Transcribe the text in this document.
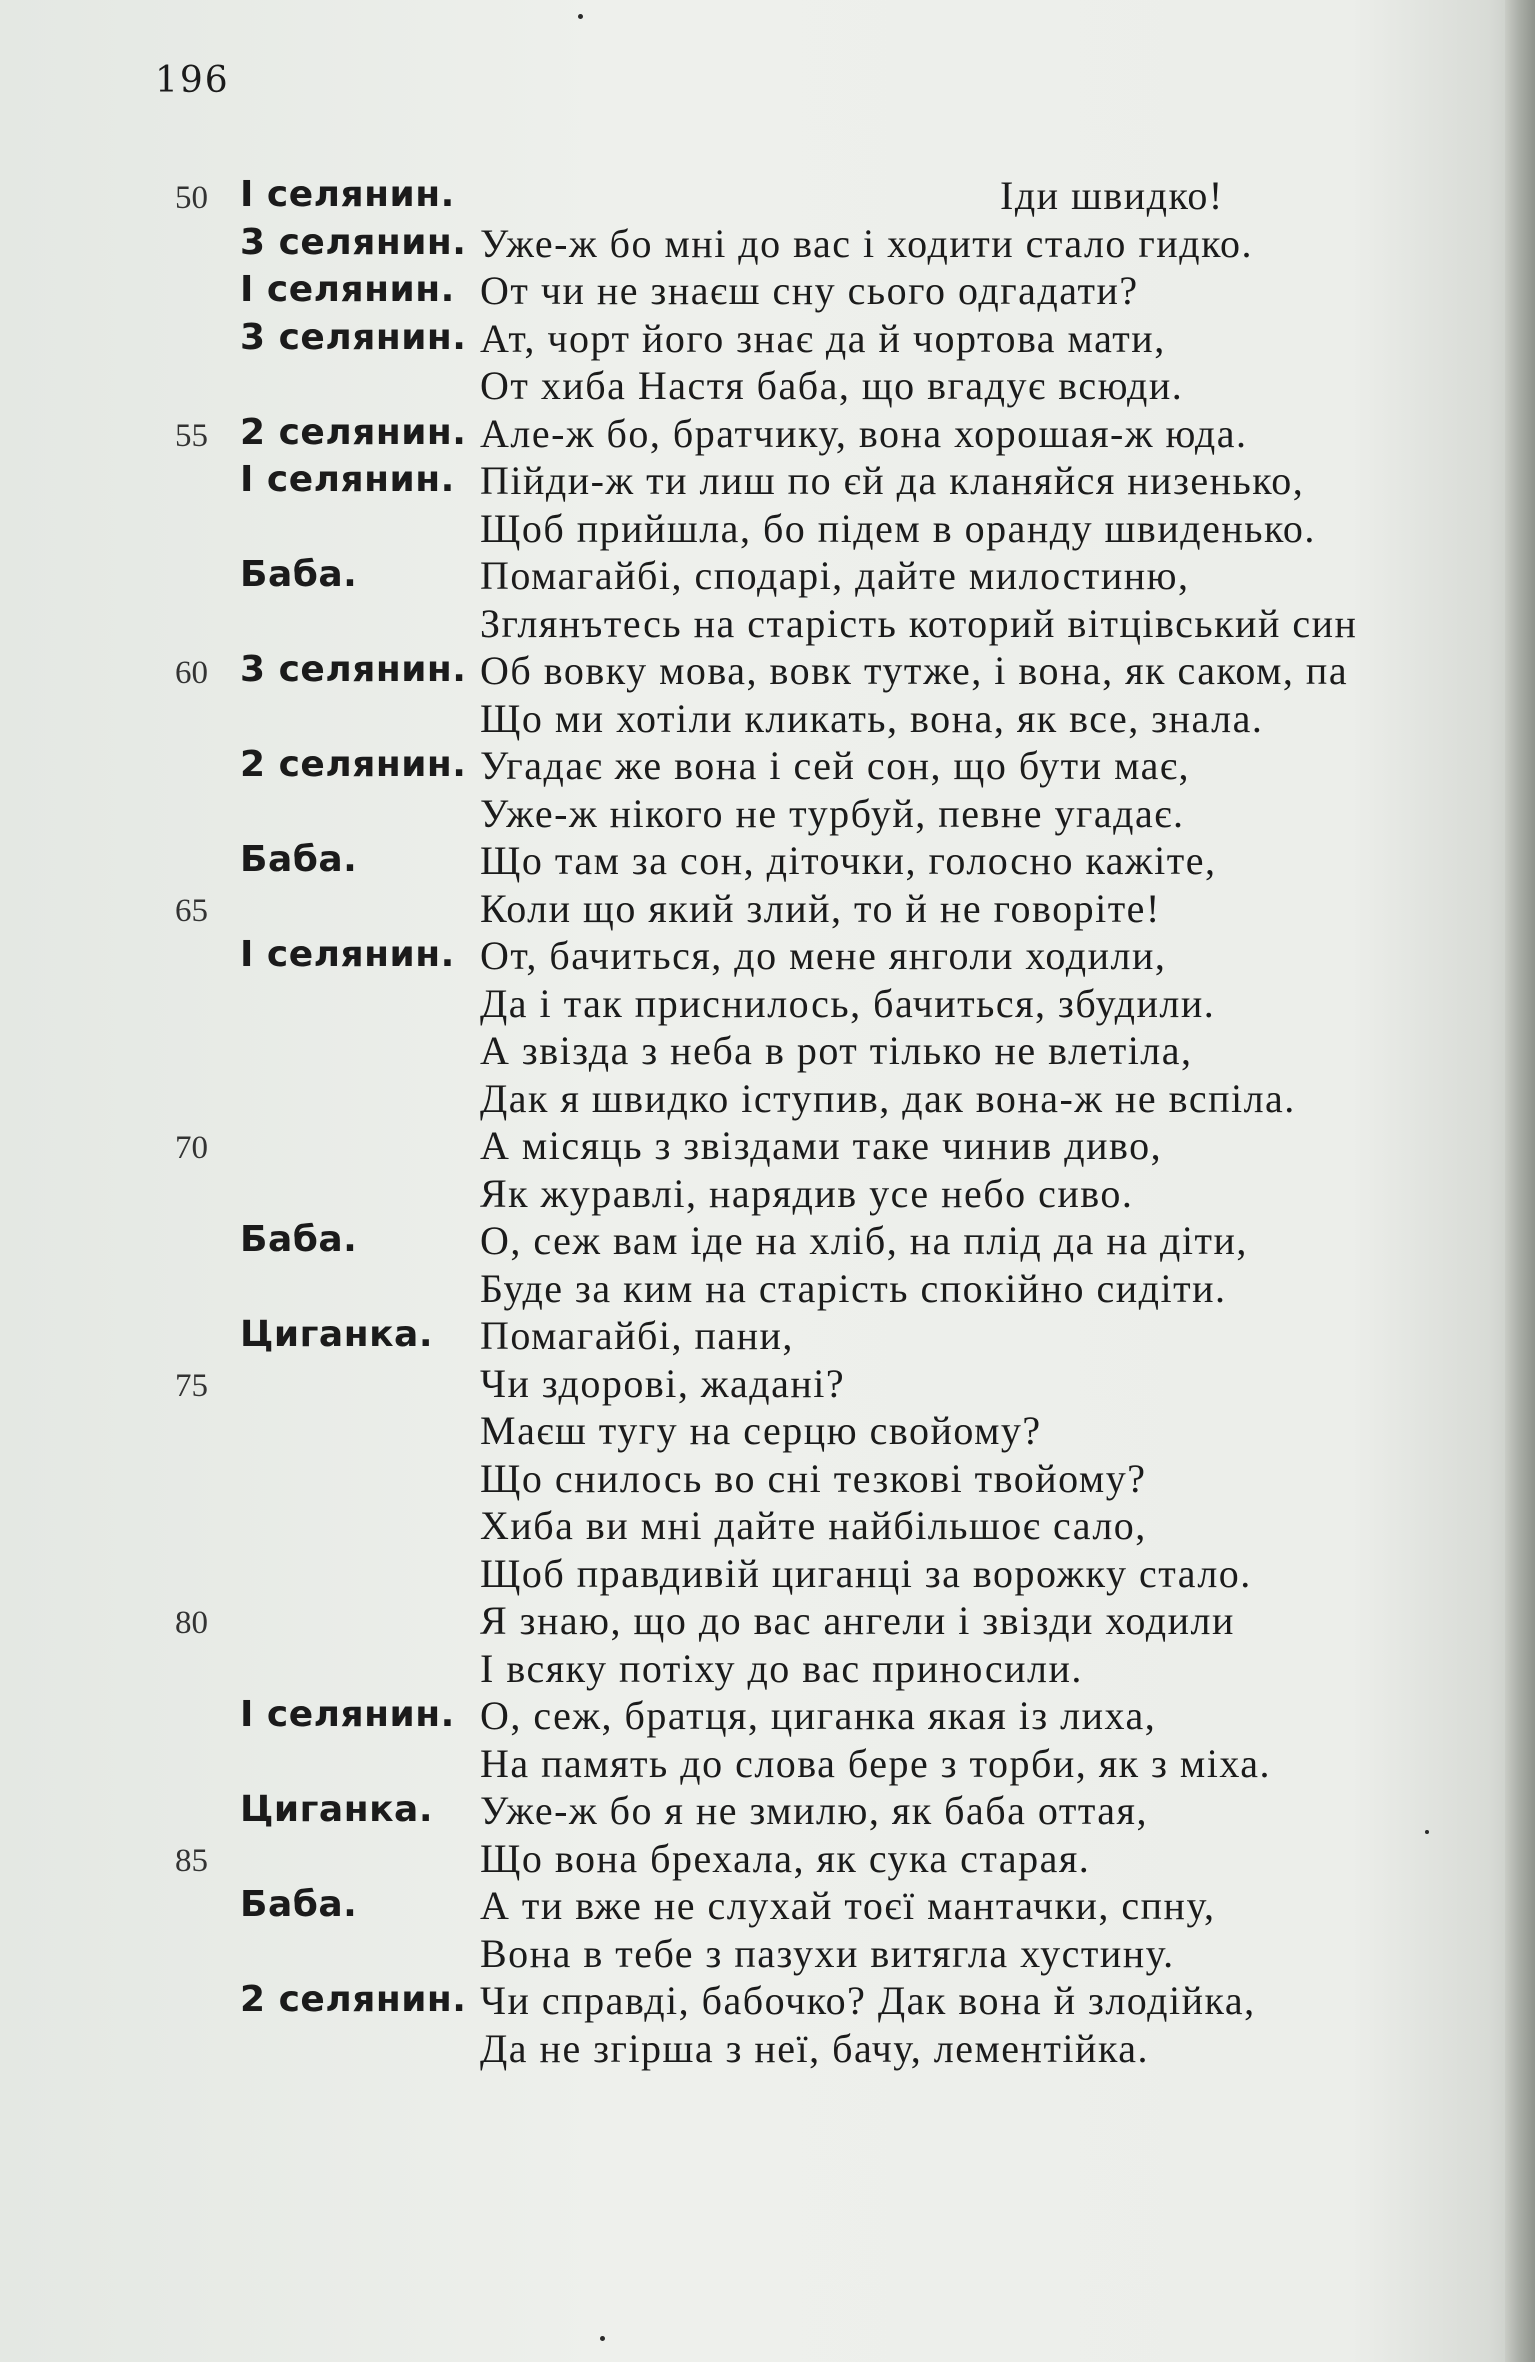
196
50 I селянин.	Іди швидко!
3 селянин. Уже-ж бо мні до вас і ходити стало гидко.
I селянин. От чи не знаєш сну сього одгадати?
3 селянин. Ат, чорт його знає да й чортова мати,
От хиба Настя баба, що вгадує всюди.
55 2 селянин. Але-ж бо, братчику, вона хорошая-ж юда.
I селянин. Пійди-ж ти лиш по єй да кланяйся низенько,
Щоб прийшла, бо підем в оранду швиденько.
Баба.	Помагайбі, сподарі, дайте милостиню,
Зглянътесь на старість которий вітцівський син
60 3 селянин. Об вовку мова, вовк тутже, і вона, як саком, па
Що ми хотіли кликать, вона, як все, знала.
2 селянин. Угадає же вона і сей сон, що бути має,
Уже-ж нікого не турбуй, певне угадає.
Баба.	Що там за сон, діточки, голосно кажіте,
65	Коли що який злий, то й не говоріте!
I селянин. От, бачиться, до мене янголи ходили,
Да і так приснилось, бачиться, збудили.
А звізда з неба в рот тілько не влетіла,
Дак я швидко іступив, дак вона-ж не вспіла.
70	А місяць з звіздами таке чинив диво,
Як журавлі, нарядив усе небо сиво.
Баба.	О, сеж вам іде на хліб, на плід да на діти,
Буде за ким на старість спокійно сидіти.
Циганка. Помагайбі, пани,
75	Чи здорові, жадані?
Маєш тугу на серцю свойому?
Що снилось во сні тезкові твойому?
Хиба ви мні дайте найбільшоє сало,
Щоб правдивій циганці за ворожку стало.
80	Я знаю, що до вас ангели і звізди ходили
І всяку потіху до вас приносили.
I селянин. О, сеж, братця, циганка якая із лиха,
На память до слова бере з торби, як з міха.
Циганка. Уже-ж бо я не змилю, як баба оттая,
85	Що вона брехала, як сука старая.
Баба.	А ти вже не слухай тоєї мантачки, спну,
Вона в тебе з пазухи витягла хустину.
2 селянин. Чи справді, бабочко? Дак вона й злодійка,
Да не згірша з неї, бачу, лементійка.
